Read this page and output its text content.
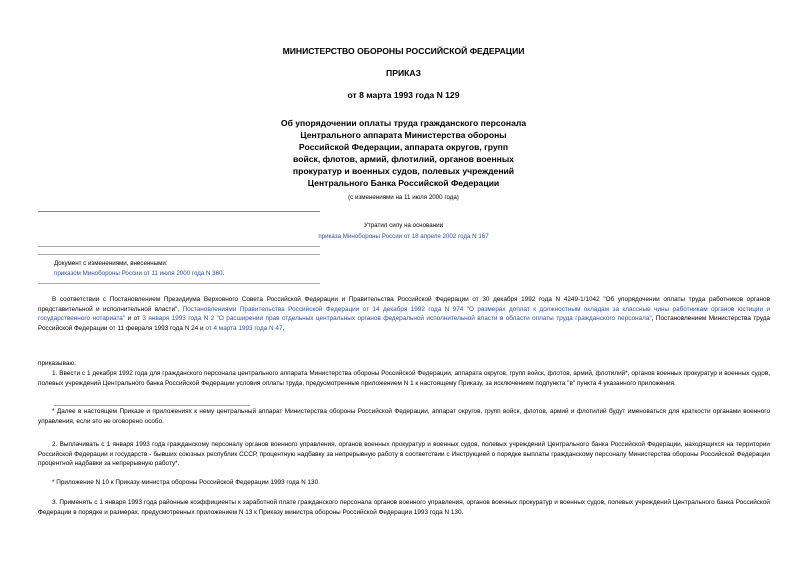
МИНИСТЕРСТВО ОБОРОНЫ РОССИЙСКОЙ ФЕДЕРАЦИИ
ПРИКАЗ
от 8 марта 1993 года N 129
Об упорядочении оплаты труда гражданского персонала
Центрального аппарата Министерства обороны
Российской Федерации, аппарата округов, групп
войск, флотов, армий, флотилий, органов военных
прокуратур и военных судов, полевых учреждений
Центрального Банка Российской Федерации
(с изменениями на 11 июля 2000 года)
Утратил силу на основании
приказа Минобороны России от 18 апреля 2002 года N 167
Документ с изменениями, внесенными:
приказом Минобороны России от 11 июля 2000 года N 360.

В соответствии с Постановлением Президиума Верховного Совета Российской Федерации и Правительства Российской Федерации от 30 декабря 1992 года N 4249-1/1042 "Об упорядочении оплаты труда работников органов представительной и исполнительной власти", Постановлениями Правительства Российской Федерации от 14 декабря 1992 года N 974 "О размерах доплат к должностным окладам за классные чины работникам органов юстиции и государственного нотариата" и от 3 января 1993 года N 2 "О расширении прав отдельных центральных органов федеральной исполнительной власти в области оплаты труда гражданского персонала", Постановлением Министерства труда Российской Федерации от 11 февраля 1993 года N 24 и от 4 марта 1993 года N 47,

приказываю:

1. Ввести с 1 декабря 1992 года для гражданского персонала центрального аппарата Министерства обороны Российской Федерации, аппарата округов, групп войск, флотов, армий, флотилий*, органов военных прокуратур и военных судов, полевых учреждений Центрального банка Российской Федерации условия оплаты труда, предусмотренные приложением N 1 к настоящему Приказу, за исключением подпункта "в" пункта 4 указанного приложения.

* Далее в настоящем Приказе и приложениях к нему центральный аппарат Министерства обороны Российской Федерации, аппарат округов, групп войск, флотов, армий и флотилий будут именоваться для краткости органами военного управления, если это не оговорено особо.

2. Выплачивать с 1 января 1993 года гражданскому персоналу органов военного управления, органов военных прокуратур и военных судов, полевых учреждений Центрального банка Российской Федерации, находящихся на территории Российской Федерации и государств - бывших союзных республик СССР, процентную надбавку за непрерывную работу в соответствии с Инструкцией о порядке выплаты гражданскому персоналу Министерства обороны Российской Федерации процентной надбавки за непрерывную работу*.

* Приложение N 10 к Приказу министра обороны Российской Федерации 1993 года N 130.

3. Применять с 1 января 1993 года районные коэффициенты к заработной плате гражданского персонала органов военного управления, органов военных прокуратур и военных судов, полевых учреждений Центрального банка Российской Федерации в порядке и размерах, предусмотренных приложением N 13 к Приказу министра обороны Российской Федерации 1993 года N 130.
